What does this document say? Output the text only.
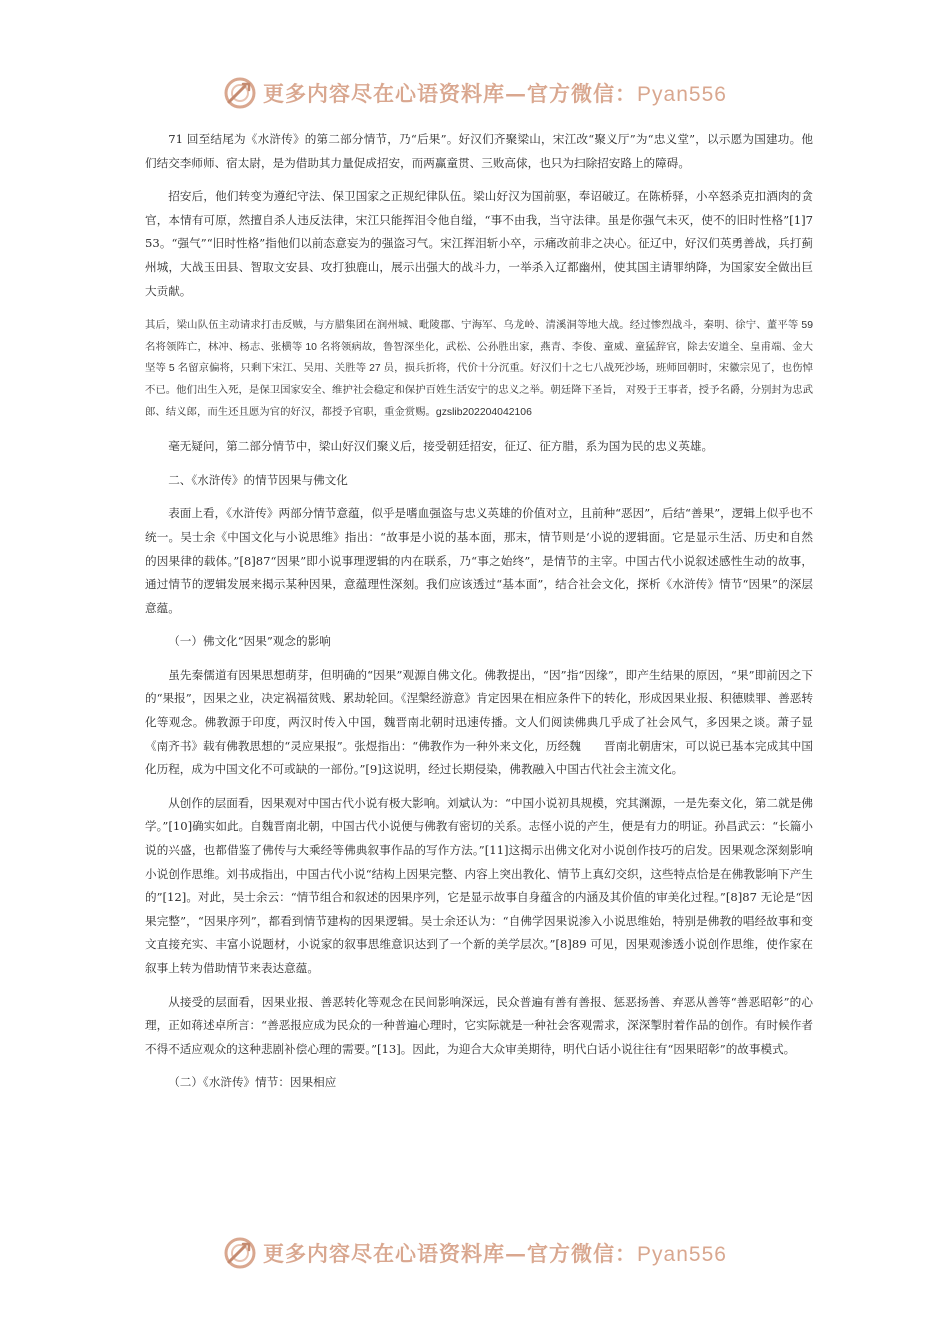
更多内容尽在心语资料库—官方微信：Pyan556

71 回至结尾为《水浒传》的第二部分情节，乃“后果”。好汉们齐聚梁山，宋江改“聚义厅”为“忠义堂”，以示愿为国建功。他们结交李师师、宿太尉，是为借助其力量促成招安，而两赢童贯、三败高俅，也只为扫除招安路上的障碍。

招安后，他们转变为遵纪守法、保卫国家之正规纪律队伍。梁山好汉为国前驱，奉诏破辽。在陈桥驿，小卒怒杀克扣酒肉的贪官，本情有可原，然擅自杀人违反法律，宋江只能挥泪令他自缢，“事不由我，当守法律。虽是你强气未灭，使不的旧时性格”[1]753。“强气”“旧时性格”指他们以前态意妄为的强盗习气。宋江挥泪斩小卒，示痛改前非之决心。征辽中，好汉们英勇善战，兵打蓟州城，大战玉田县、智取文安县、攻打独鹿山，展示出强大的战斗力，一举杀入辽都幽州，使其国主请罪纳降，为国家安全做出巨大贡献。

其后，梁山队伍主动请求打击反贼，与方腊集团在润州城、毗陵郡、宁海军、乌龙岭、清溪洞等地大战。经过惨烈战斗，秦明、徐宁、董平等 59 名将领阵亡，林冲、杨志、张横等 10 名将领病故，鲁智深坐化，武松、公孙胜出家，燕青、李俊、童威、童猛辞官，除去安道全、皇甫端、金大坚等 5 名留京偏将，只剩下宋江、吴用、关胜等 27 员，损兵折将，代价十分沉重。好汉们十之七八战死沙场，班师回朝时，宋徽宗见了，也伤悼不已。他们出生入死，是保卫国家安全、维护社会稳定和保护百姓生活安宁的忠义之举。朝廷降下圣旨， 对殁于王事者，授予名爵，分别封为忠武郎、结义郎，而生还且愿为官的好汉，都授予官职，重金赏赐。gzslib202204042106

毫无疑问，第二部分情节中，梁山好汉们聚义后，接受朝廷招安，征辽、征方腊，系为国为民的忠义英雄。

二、《水浒传》的情节因果与佛文化

表面上看，《水浒传》两部分情节意蕴，似乎是嗜血强盗与忠义英雄的价值对立，且前种“恶因”，后结“善果”，逻辑上似乎也不统一。吴士余《中国文化与小说思维》指出：“故事是小说的基本面，那末，情节则是‘小说的逻辑面。它是显示生活、历史和自然的因果律的载体。”[8]87“因果”即小说事理逻辑的内在联系，乃“事之始终”，是情节的主宰。中国古代小说叙述感性生动的故事，通过情节的逻辑发展来揭示某种因果，意蕴理性深刻。我们应该透过“基本面”，结合社会文化，探析《水浒传》情节“因果”的深层意蕴。

（一）佛文化“因果”观念的影响

虽先秦儒道有因果思想萌芽，但明确的“因果”观源自佛文化。佛教提出，“因”指“因缘”，即产生结果的原因，“果”即前因之下的“果报”，因果之业，决定祸福贫贱、累劫轮回。《涅槃经游意》肯定因果在相应条件下的转化，形成因果业报、积德赎罪、善恶转化等观念。佛教源于印度，两汉时传入中国，魏晋南北朝时迅速传播。文人们阅读佛典几乎成了社会风气，多因果之谈。萧子显《南齐书》载有佛教思想的“灵应果报”。张煜指出：“佛教作为一种外来文化，历经魏　　晋南北朝唐宋，可以说已基本完成其中国化历程，成为中国文化不可或缺的一部份。”[9]这说明，经过长期侵染，佛教融入中国古代社会主流文化。

从创作的层面看，因果观对中国古代小说有极大影响。刘斌认为：“中国小说初具规模，究其渊源，一是先秦文化，第二就是佛学。”[10]确实如此。自魏晋南北朝，中国古代小说便与佛教有密切的关系。志怪小说的产生，便是有力的明证。孙昌武云：“长篇小说的兴盛，也都借鉴了佛传与大乘经等佛典叙事作品的写作方法。”[11]这揭示出佛文化对小说创作技巧的启发。因果观念深刻影响小说创作思维。刘书成指出，中国古代小说“结构上因果完整、内容上突出教化、情节上真幻交织，这些特点恰是在佛教影响下产生的”[12]。对此，吴士余云：“情节组合和叙述的因果序列，它是显示故事自身蕴含的内涵及其价值的审美化过程。”[8]87 无论是“因果完整”，“因果序列”，都看到情节建构的因果逻辑。吴士余还认为：“自佛学因果说渗入小说思维始，特别是佛教的唱经故事和变文直接充实、丰富小说题材，小说家的叙事思维意识达到了一个新的美学层次。”[8]89 可见，因果观渗透小说创作思维，使作家在叙事上转为借助情节来表达意蕴。

从接受的层面看，因果业报、善恶转化等观念在民间影响深远，民众普遍有善有善报、惩恶扬善、弃恶从善等“善恶昭彰”的心理，正如蒋述卓所言：“善恶报应成为民众的一种普遍心理时，它实际就是一种社会客观需求，深深掣肘着作品的创作。有时候作者不得不适应观众的这种悲剧补偿心理的需要。”[13]。因此，为迎合大众审美期待，明代白话小说往往有“因果昭彰”的故事模式。

（二）《水浒传》情节：因果相应

更多内容尽在心语资料库—官方微信：Pyan556
